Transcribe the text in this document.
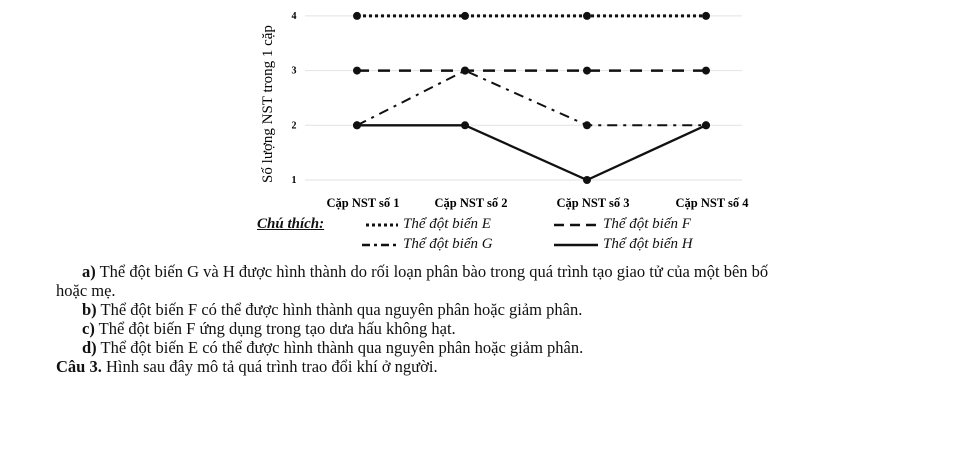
Số lượng NST trong 1 cặp 1
2
3
4
Cặp NST số 1	Cặp NST số 2	Cặp NST số 3	Cặp NST số 4
Chú thích:	Thể đột biến E	Thể đột biến F
Thể đột biến G	Thể đột biến H

a) Thể đột biến G và H được hình thành do rối loạn phân bào trong quá trình tạo giao tử của một bên bố

hoặc mẹ.

b) Thể đột biến F có thể được hình thành qua nguyên phân hoặc giảm phân.

c) Thể đột biến F ứng dụng trong tạo dưa hấu không hạt.

d) Thể đột biến E có thể được hình thành qua nguyên phân hoặc giảm phân.

Câu 3. Hình sau đây mô tả quá trình trao đổi khí ở người.
